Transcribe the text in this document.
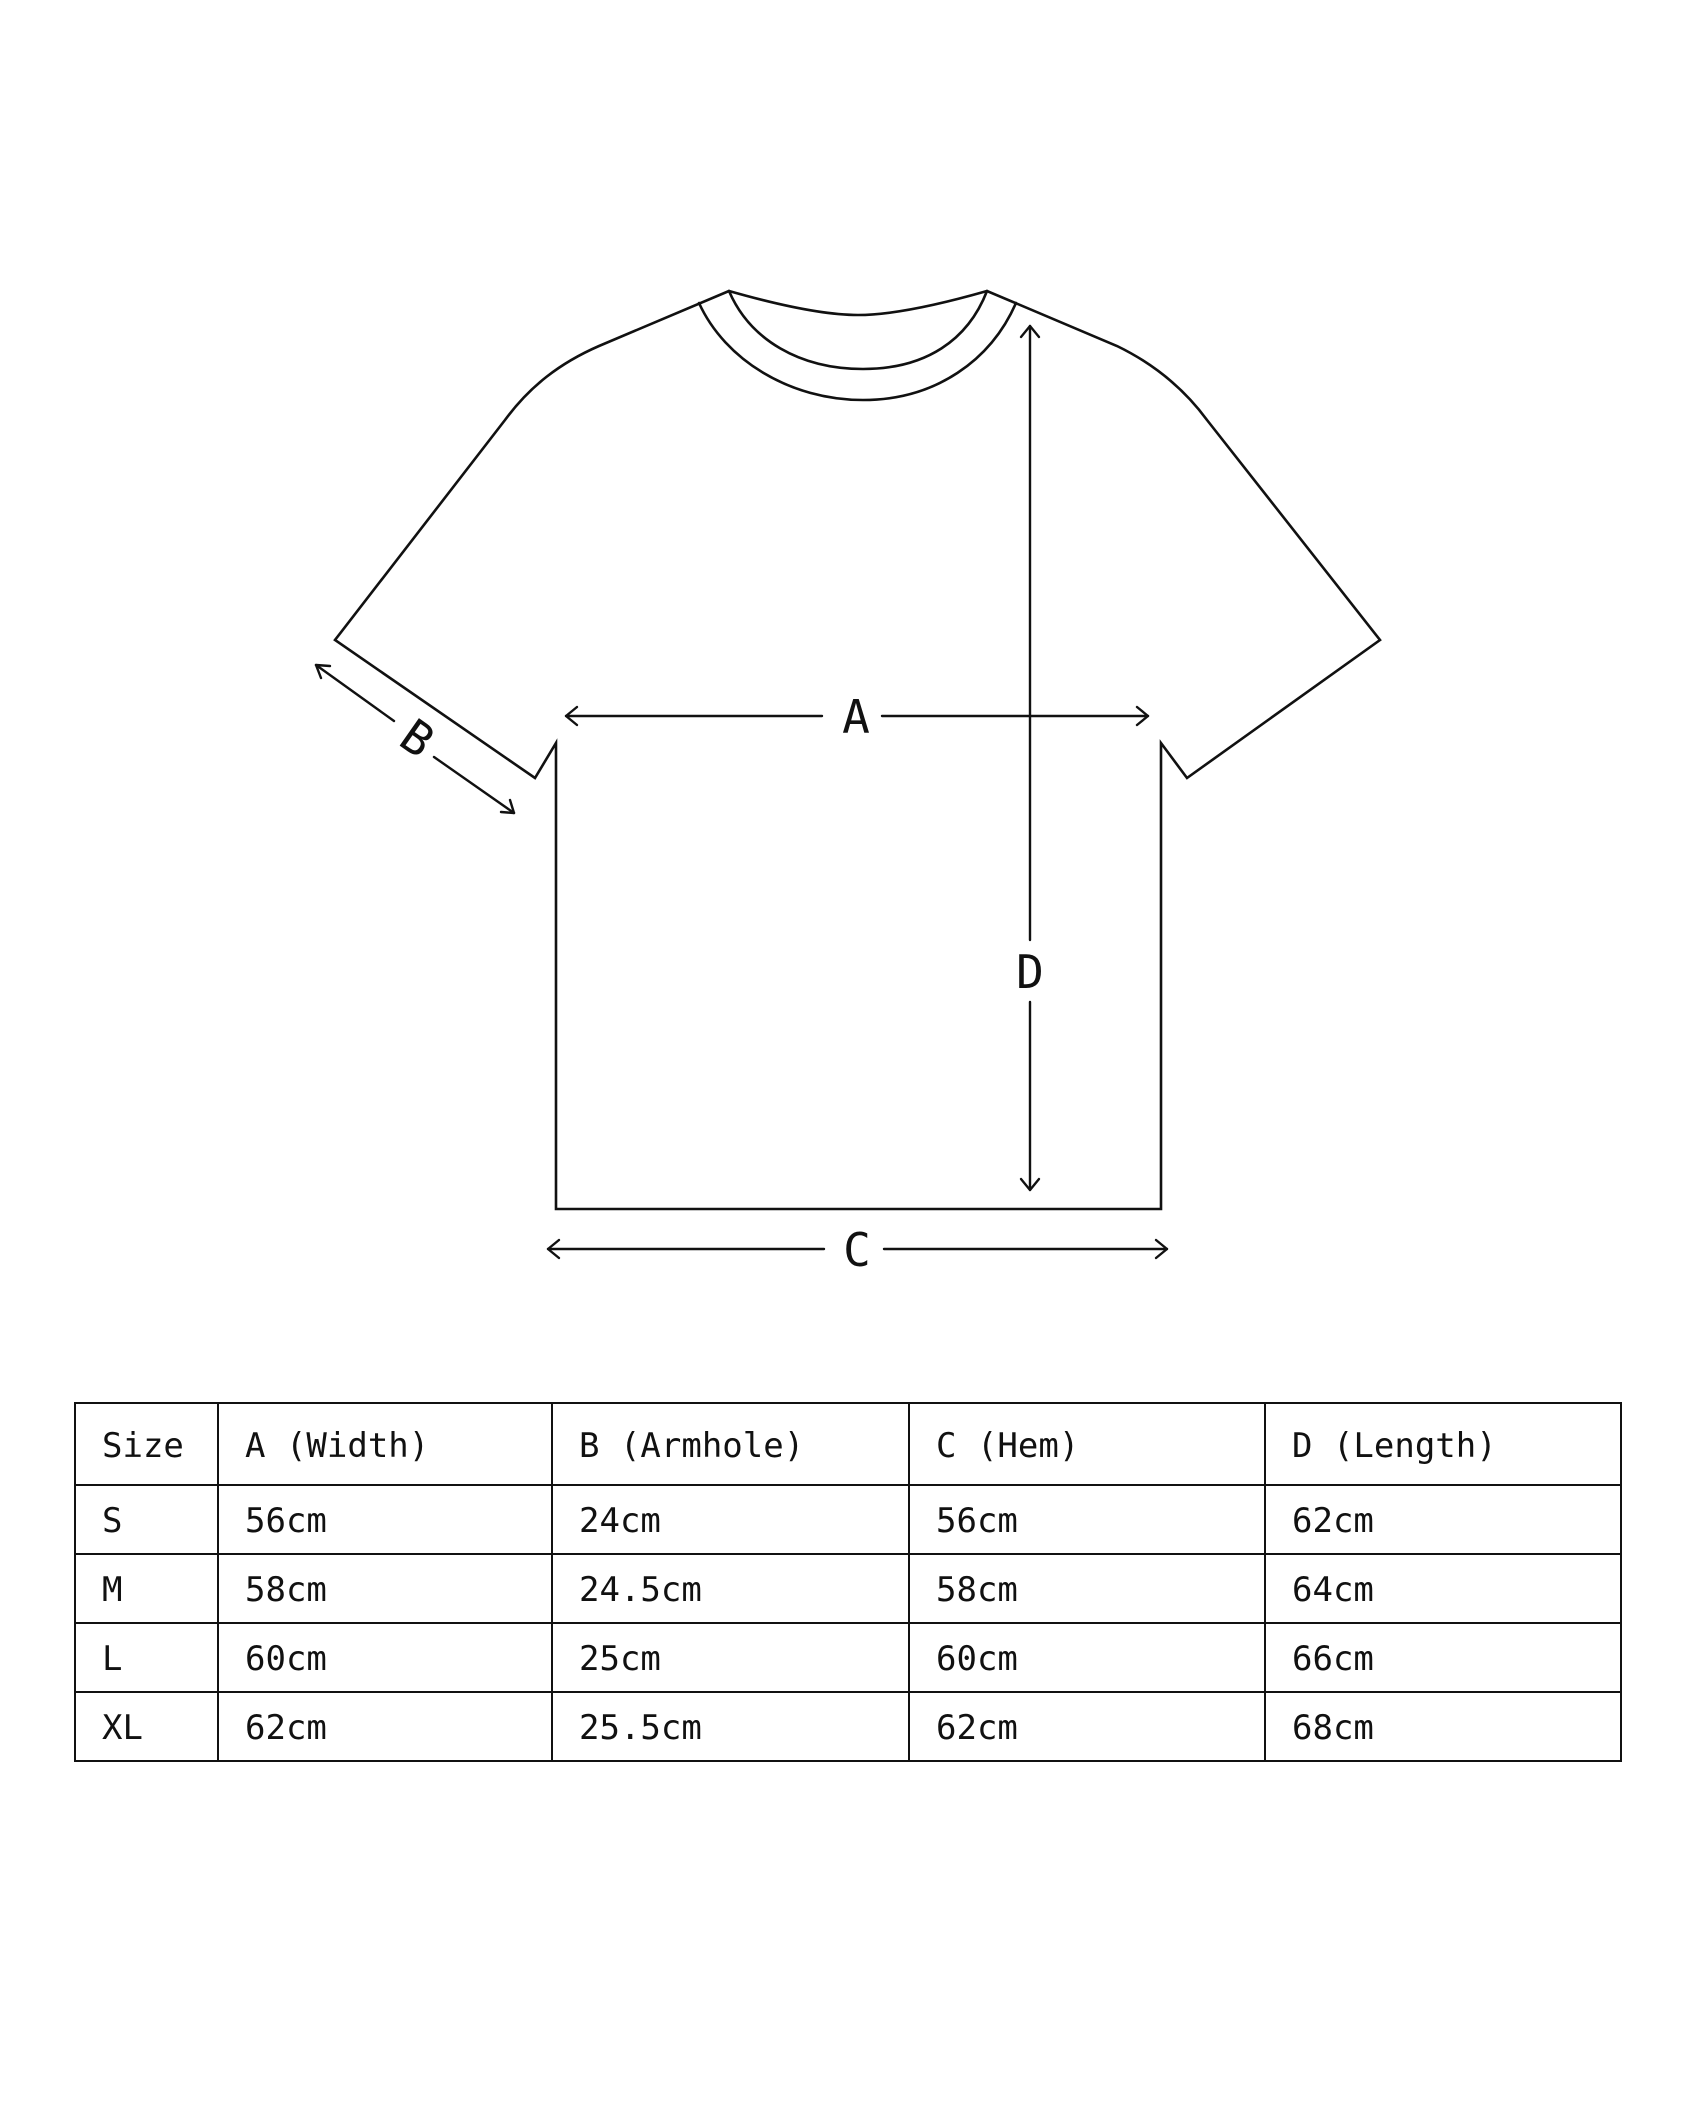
A
B
C
D
Size	A (Width)	B (Armhole)	C (Hem)	D (Length)
S	56cm	24cm	56cm	62cm
M	58cm	24.5cm	58cm	64cm
L	60cm	25cm	60cm	66cm
XL	62cm	25.5cm	62cm	68cm
